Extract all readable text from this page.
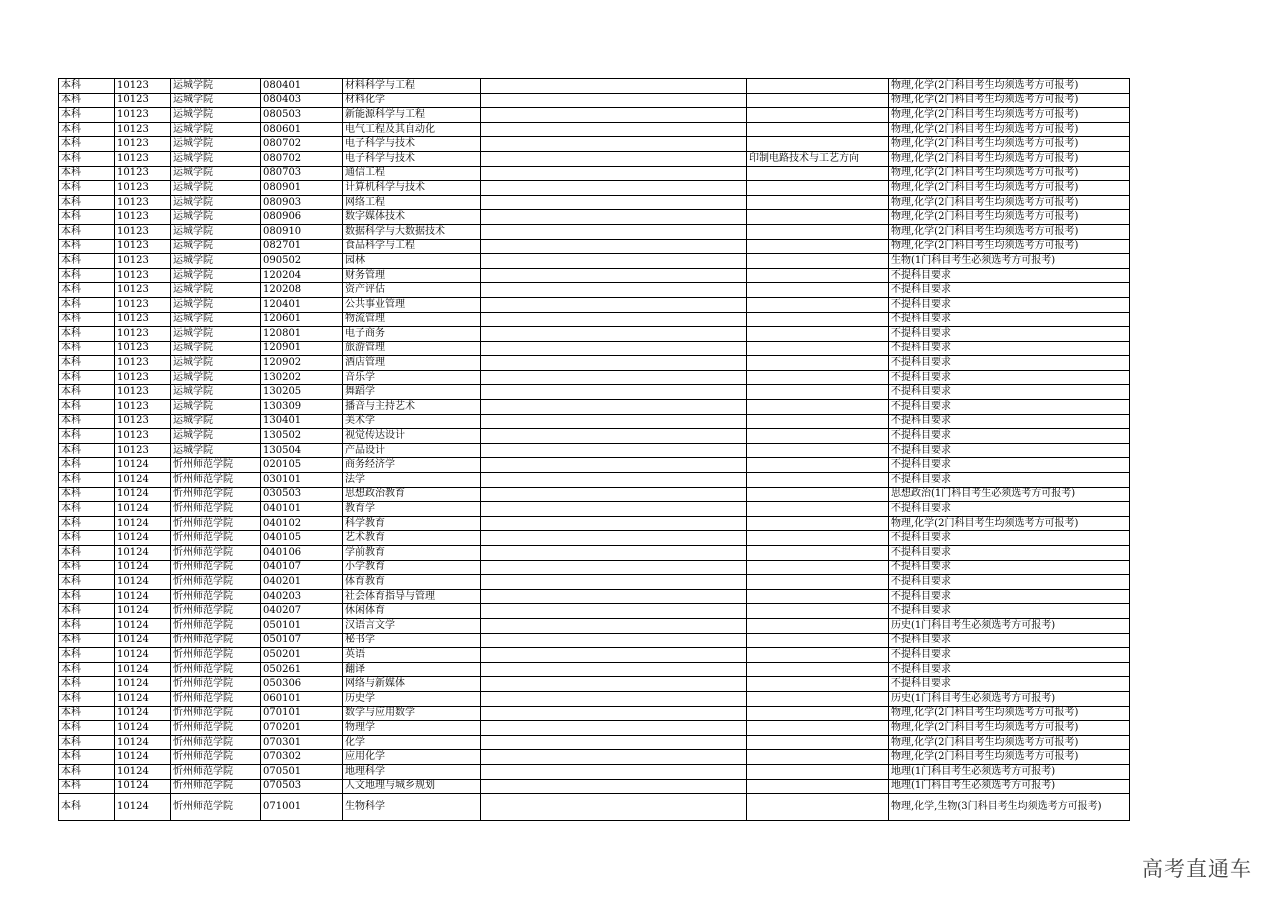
本科	10123	运城学院	080401	材料科学与工程			物理,化学(2门科目考生均须选考方可报考)
本科	10123	运城学院	080403	材料化学			物理,化学(2门科目考生均须选考方可报考)
本科	10123	运城学院	080503	新能源科学与工程			物理,化学(2门科目考生均须选考方可报考)
本科	10123	运城学院	080601	电气工程及其自动化			物理,化学(2门科目考生均须选考方可报考)
本科	10123	运城学院	080702	电子科学与技术			物理,化学(2门科目考生均须选考方可报考)
本科	10123	运城学院	080702	电子科学与技术		印制电路技术与工艺方向	物理,化学(2门科目考生均须选考方可报考)
本科	10123	运城学院	080703	通信工程			物理,化学(2门科目考生均须选考方可报考)
本科	10123	运城学院	080901	计算机科学与技术			物理,化学(2门科目考生均须选考方可报考)
本科	10123	运城学院	080903	网络工程			物理,化学(2门科目考生均须选考方可报考)
本科	10123	运城学院	080906	数字媒体技术			物理,化学(2门科目考生均须选考方可报考)
本科	10123	运城学院	080910	数据科学与大数据技术			物理,化学(2门科目考生均须选考方可报考)
本科	10123	运城学院	082701	食品科学与工程			物理,化学(2门科目考生均须选考方可报考)
本科	10123	运城学院	090502	园林			生物(1门科目考生必须选考方可报考)
本科	10123	运城学院	120204	财务管理			不提科目要求
本科	10123	运城学院	120208	资产评估			不提科目要求
本科	10123	运城学院	120401	公共事业管理			不提科目要求
本科	10123	运城学院	120601	物流管理			不提科目要求
本科	10123	运城学院	120801	电子商务			不提科目要求
本科	10123	运城学院	120901	旅游管理			不提科目要求
本科	10123	运城学院	120902	酒店管理			不提科目要求
本科	10123	运城学院	130202	音乐学			不提科目要求
本科	10123	运城学院	130205	舞蹈学			不提科目要求
本科	10123	运城学院	130309	播音与主持艺术			不提科目要求
本科	10123	运城学院	130401	美术学			不提科目要求
本科	10123	运城学院	130502	视觉传达设计			不提科目要求
本科	10123	运城学院	130504	产品设计			不提科目要求
本科	10124	忻州师范学院	020105	商务经济学			不提科目要求
本科	10124	忻州师范学院	030101	法学			不提科目要求
本科	10124	忻州师范学院	030503	思想政治教育			思想政治(1门科目考生必须选考方可报考)
本科	10124	忻州师范学院	040101	教育学			不提科目要求
本科	10124	忻州师范学院	040102	科学教育			物理,化学(2门科目考生均须选考方可报考)
本科	10124	忻州师范学院	040105	艺术教育			不提科目要求
本科	10124	忻州师范学院	040106	学前教育			不提科目要求
本科	10124	忻州师范学院	040107	小学教育			不提科目要求
本科	10124	忻州师范学院	040201	体育教育			不提科目要求
本科	10124	忻州师范学院	040203	社会体育指导与管理			不提科目要求
本科	10124	忻州师范学院	040207	休闲体育			不提科目要求
本科	10124	忻州师范学院	050101	汉语言文学			历史(1门科目考生必须选考方可报考)
本科	10124	忻州师范学院	050107	秘书学			不提科目要求
本科	10124	忻州师范学院	050201	英语			不提科目要求
本科	10124	忻州师范学院	050261	翻译			不提科目要求
本科	10124	忻州师范学院	050306	网络与新媒体			不提科目要求
本科	10124	忻州师范学院	060101	历史学			历史(1门科目考生必须选考方可报考)
本科	10124	忻州师范学院	070101	数学与应用数学			物理,化学(2门科目考生均须选考方可报考)
本科	10124	忻州师范学院	070201	物理学			物理,化学(2门科目考生均须选考方可报考)
本科	10124	忻州师范学院	070301	化学			物理,化学(2门科目考生均须选考方可报考)
本科	10124	忻州师范学院	070302	应用化学			物理,化学(2门科目考生均须选考方可报考)
本科	10124	忻州师范学院	070501	地理科学			地理(1门科目考生必须选考方可报考)
本科	10124	忻州师范学院	070503	人文地理与城乡规划			地理(1门科目考生必须选考方可报考)
本科	10124	忻州师范学院	071001	生物科学			物理,化学,生物(3门科目考生均须选考方可报考)
高考直通车
